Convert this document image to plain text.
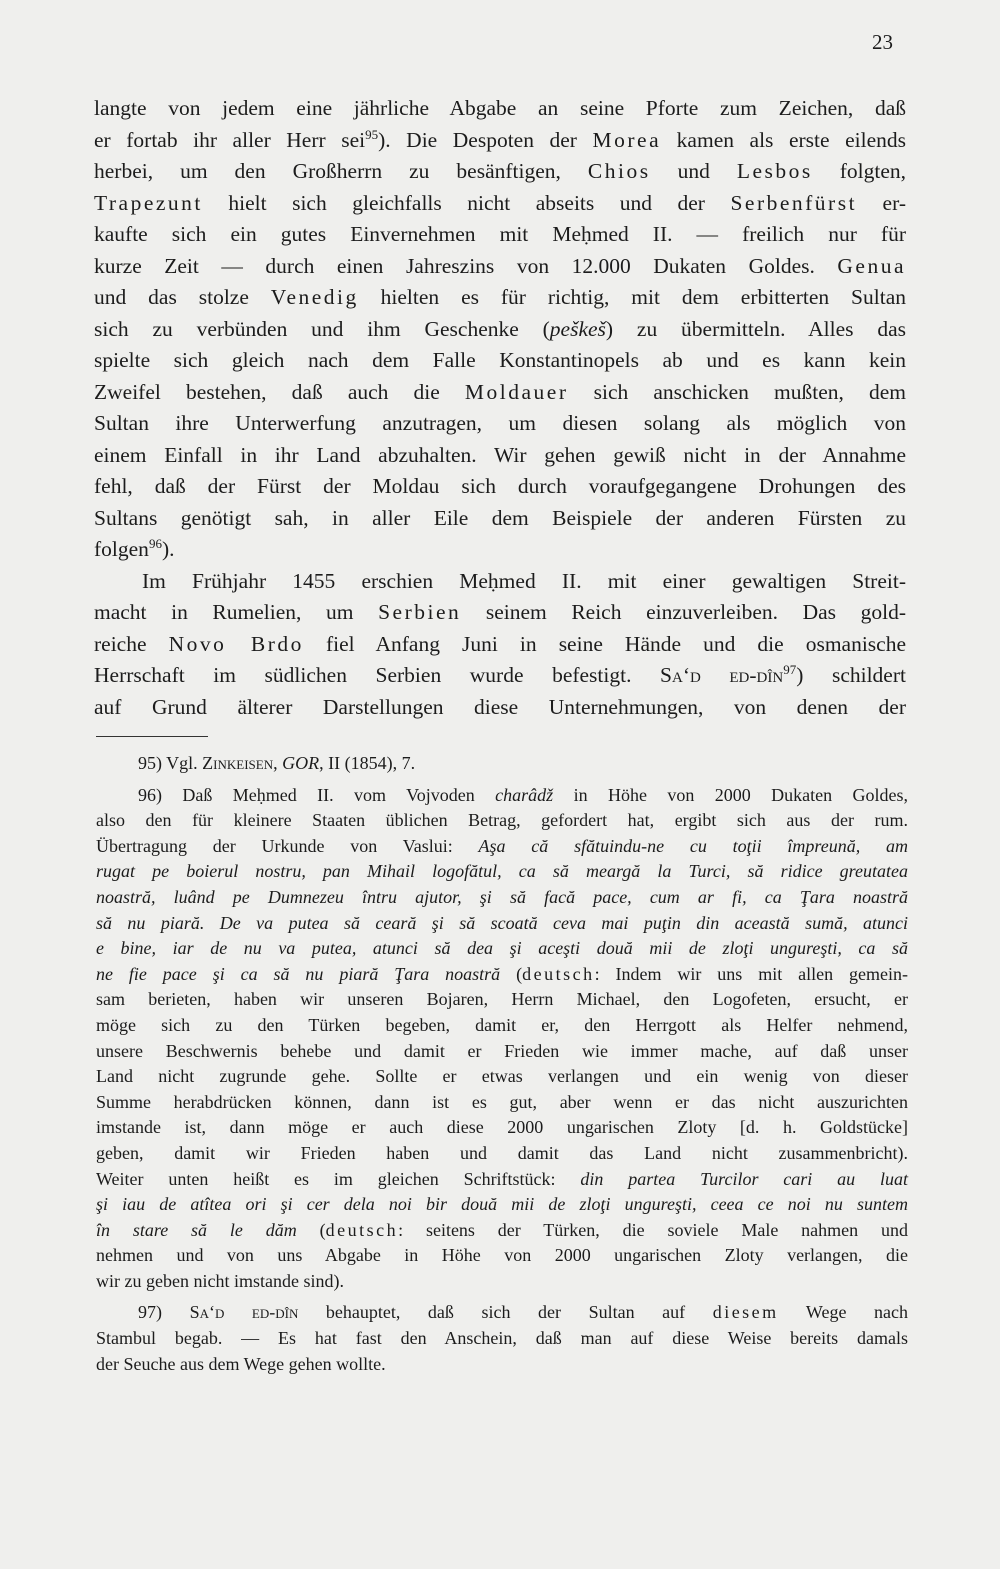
23
langte von jedem eine jährliche Abgabe an seine Pforte zum Zeichen, daß
er fortab ihr aller Herr sei$^{95}$). Die Despoten der Morea kamen als erste eilends
herbei, um den Großherrn zu besänftigen, Chios und Lesbos folgten,
Trapezunt hielt sich gleichfalls nicht abseits und der Serbenfürst er-
kaufte sich ein gutes Einvernehmen mit Meḥmed II. — freilich nur für
kurze Zeit — durch einen Jahreszins von 12.000 Dukaten Goldes. Genua
und das stolze Venedig hielten es für richtig, mit dem erbitterten Sultan
sich zu verbünden und ihm Geschenke (peškeš) zu übermitteln. Alles das
spielte sich gleich nach dem Falle Konstantinopels ab und es kann kein
Zweifel bestehen, daß auch die Moldauer sich anschicken mußten, dem
Sultan ihre Unterwerfung anzutragen, um diesen solang als möglich von
einem Einfall in ihr Land abzuhalten. Wir gehen gewiß nicht in der Annahme
fehl, daß der Fürst der Moldau sich durch voraufgegangene Drohungen des
Sultans genötigt sah, in aller Eile dem Beispiele der anderen Fürsten zu
folgen$^{96}$).
Im Frühjahr 1455 erschien Meḥmed II. mit einer gewaltigen Streit-
macht in Rumelien, um Serbien seinem Reich einzuverleiben. Das gold-
reiche Novo Brdo fiel Anfang Juni in seine Hände und die osmanische
Herrschaft im südlichen Serbien wurde befestigt. Sa‘d ed-dîn$^{97}$) schildert
auf Grund älterer Darstellungen diese Unternehmungen, von denen der
95) Vgl. Zinkeisen, GOR, II (1854), 7.
96) Daß Meḥmed II. vom Vojvoden charâdž in Höhe von 2000 Dukaten Goldes,
also den für kleinere Staaten üblichen Betrag, gefordert hat, ergibt sich aus der rum.
Übertragung der Urkunde von Vaslui: Aşa că sfătuindu-ne cu toţii împreună, am
rugat pe boierul nostru, pan Mihail logofătul, ca să meargă la Turci, să ridice greutatea
noastră, luând pe Dumnezeu întru ajutor, şi să facă pace, cum ar fi, ca Ţara noastră
să nu piară. De va putea să ceară şi să scoată ceva mai puţin din această sumă, atunci
e bine, iar de nu va putea, atunci să dea şi aceşti două mii de zloţi ungureşti, ca să
ne fie pace şi ca să nu piară Ţara noastră (deutsch: Indem wir uns mit allen gemein-
sam berieten, haben wir unseren Bojaren, Herrn Michael, den Logofeten, ersucht, er
möge sich zu den Türken begeben, damit er, den Herrgott als Helfer nehmend,
unsere Beschwernis behebe und damit er Frieden wie immer mache, auf daß unser
Land nicht zugrunde gehe. Sollte er etwas verlangen und ein wenig von dieser
Summe herabdrücken können, dann ist es gut, aber wenn er das nicht auszurichten
imstande ist, dann möge er auch diese 2000 ungarischen Zloty [d. h. Goldstücke]
geben, damit wir Frieden haben und damit das Land nicht zusammenbricht).
Weiter unten heißt es im gleichen Schriftstück: din partea Turcilor cari au luat
şi iau de atîtea ori şi cer dela noi bir două mii de zloţi ungureşti, ceea ce noi nu suntem
în stare să le dăm (deutsch: seitens der Türken, die soviele Male nahmen und
nehmen und von uns Abgabe in Höhe von 2000 ungarischen Zloty verlangen, die
wir zu geben nicht imstande sind).
97) Sa‘d ed-dîn behauptet, daß sich der Sultan auf diesem Wege nach
Stambul begab. — Es hat fast den Anschein, daß man auf diese Weise bereits damals
der Seuche aus dem Wege gehen wollte.
